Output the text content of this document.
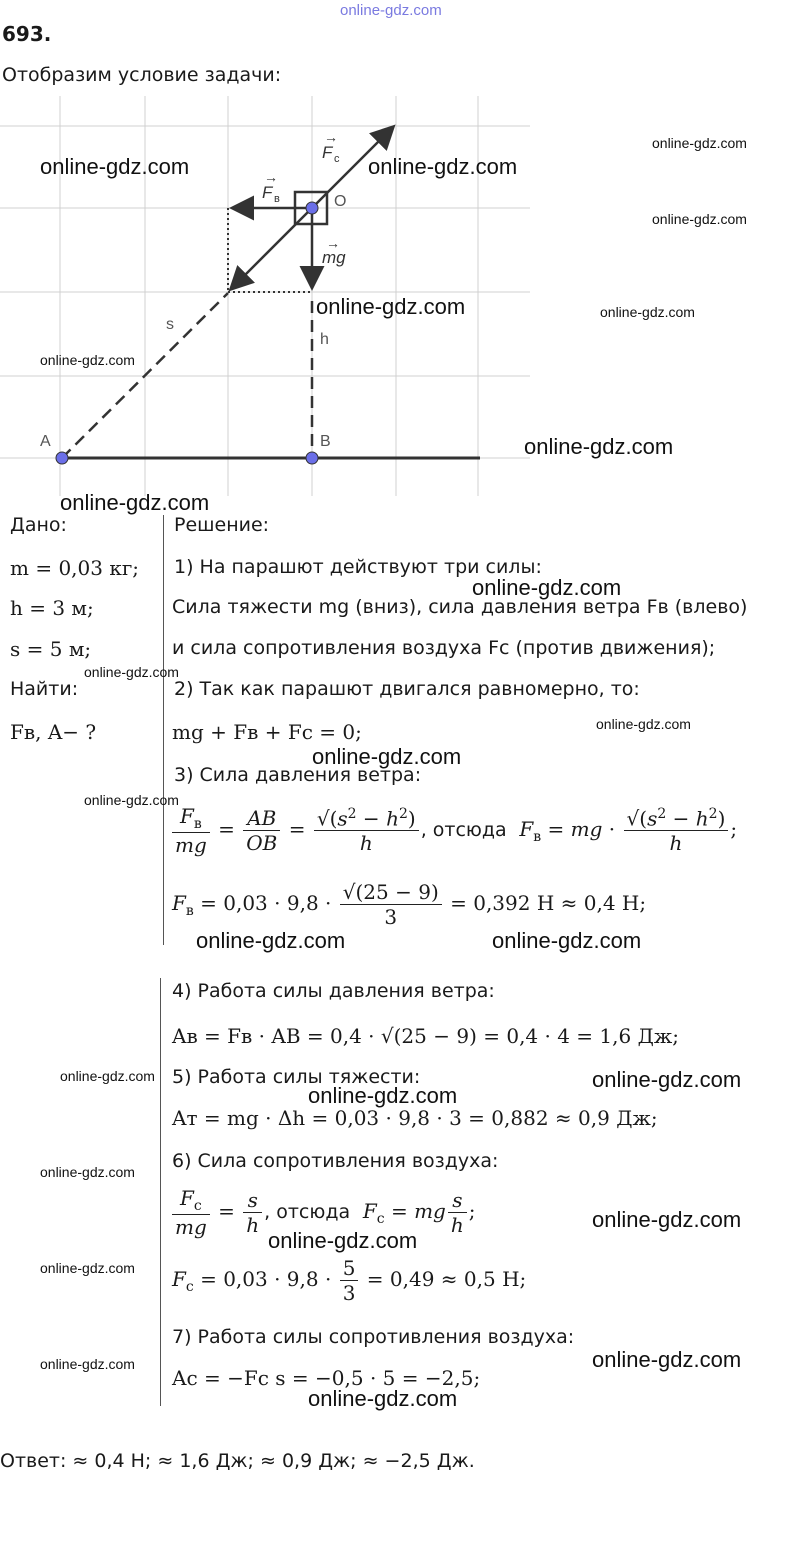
online-gdz.com
693.
Отобразим условие задачи:
O
A	B
s
h
F c
→
F в
→
mg
→
online-gdz.com	online-gdz.com
online-gdz.com
online-gdz.com
online-gdz.com	online-gdz.com
online-gdz.com
online-gdz.com
online-gdz.com
Дано:
m = 0,03 кг;
h = 3 м;
s = 5 м;
Найти:
Fв, A− ?
Решение:
1) На парашют действуют три силы:
Сила тяжести mg (вниз), сила давления ветра Fв (влево)
и сила сопротивления воздуха Fс (против движения);
2) Так как парашют двигался равномерно, то:
mg + Fв + Fс = 0;
3) Сила давления ветра:
$\frac{F_в}{mg} = \frac{AB}{OB} = \frac{√(s^2 - h^2)}{h}$ , отсюда $F_в$ = mg · $\frac{√(s^2 - h^2)}{h}$ ;
$F_в = 0,03 \cdot 9,8 \cdot \frac{√(25 - 9)}{3} = 0,392$ Н ≈ 0,4 Н;
4) Работа силы давления ветра:
Aв = Fв · AB = 0,4 · √(25 − 9) = 0,4 · 4 = 1,6 Дж;
5) Работа силы тяжести:
Aт = mg · Δh = 0,03 · 9,8 · 3 = 0,882 ≈ 0,9 Дж;
6) Сила сопротивления воздуха:
$\frac{F_с}{mg} = \frac{s}{h}$ , отсюда $F_с$ = mg $\frac{s}{h}$ ;
$F_с = 0,03 \cdot 9,8 \cdot \frac{5}{3} = 0,49 \approx 0,5$ Н;
7) Работа силы сопротивления воздуха:
Aс = −Fс s = −0,5 · 5 = −2,5;
Ответ: ≈ 0,4 Н; ≈ 1,6 Дж; ≈ 0,9 Дж; ≈ −2,5 Дж.
online-gdz.com
online-gdz.com
online-gdz.com
online-gdz.com
online-gdz.com
online-gdz.com	online-gdz.com
online-gdz.com	online-gdz.com
online-gdz.com
online-gdz.com
online-gdz.com
online-gdz.com
online-gdz.com
online-gdz.com	online-gdz.com
online-gdz.com
